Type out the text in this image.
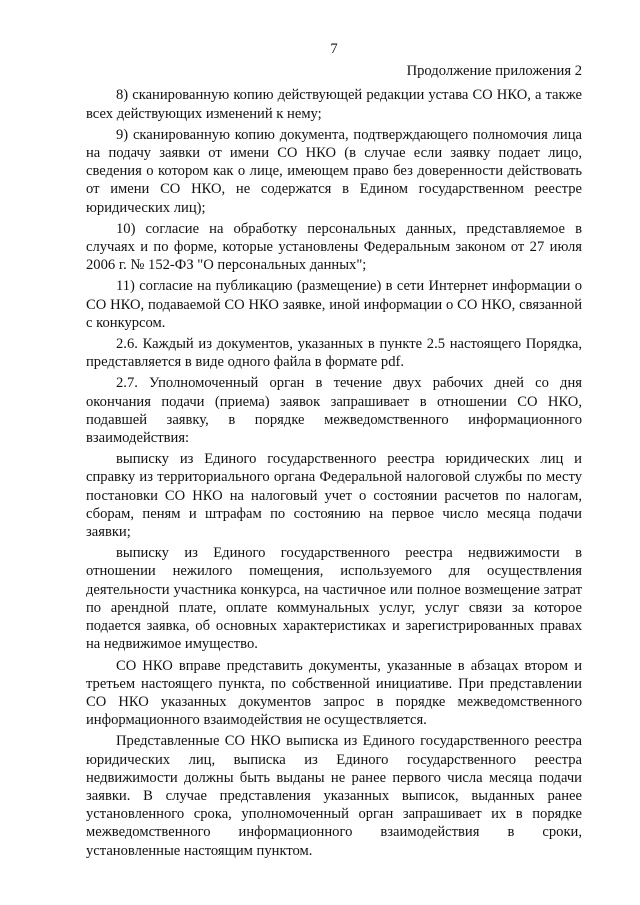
7
Продолжение приложения 2

8) сканированную копию действующей редакции устава СО НКО, а также всех действующих изменений к нему;

9) сканированную копию документа, подтверждающего полномочия лица на подачу заявки от имени СО НКО (в случае если заявку подает лицо, сведения о котором как о лице, имеющем право без доверенности действовать от имени СО НКО, не содержатся в Едином государственном реестре юридических лиц);

10) согласие на обработку персональных данных, представляемое в случаях и по форме, которые установлены Федеральным законом от 27 июля 2006 г. № 152-ФЗ "О персональных данных";

11) согласие на публикацию (размещение) в сети Интернет информации о СО НКО, подаваемой СО НКО заявке, иной информации о СО НКО, связанной с конкурсом.

2.6. Каждый из документов, указанных в пункте 2.5 настоящего Порядка, представляется в виде одного файла в формате pdf.

2.7. Уполномоченный орган в течение двух рабочих дней со дня окончания подачи (приема) заявок запрашивает в отношении СО НКО, подавшей заявку, в порядке межведомственного информационного взаимодействия:

выписку из Единого государственного реестра юридических лиц и справку из территориального органа Федеральной налоговой службы по месту постановки СО НКО на налоговый учет о состоянии расчетов по налогам, сборам, пеням и штрафам по состоянию на первое число месяца подачи заявки;

выписку из Единого государственного реестра недвижимости в отношении нежилого помещения, используемого для осуществления деятельности участника конкурса, на частичное или полное возмещение затрат по арендной плате, оплате коммунальных услуг, услуг связи за которое подается заявка, об основных характеристиках и зарегистрированных правах на недвижимое имущество.

СО НКО вправе представить документы, указанные в абзацах втором и третьем настоящего пункта, по собственной инициативе. При представлении СО НКО указанных документов запрос в порядке межведомственного информационного взаимодействия не осуществляется.

Представленные СО НКО выписка из Единого государственного реестра юридических лиц, выписка из Единого государственного реестра недвижимости должны быть выданы не ранее первого числа месяца подачи заявки. В случае представления указанных выписок, выданных ранее установленного срока, уполномоченный орган запрашивает их в порядке межведомственного информационного взаимодействия в сроки, установленные настоящим пунктом.
